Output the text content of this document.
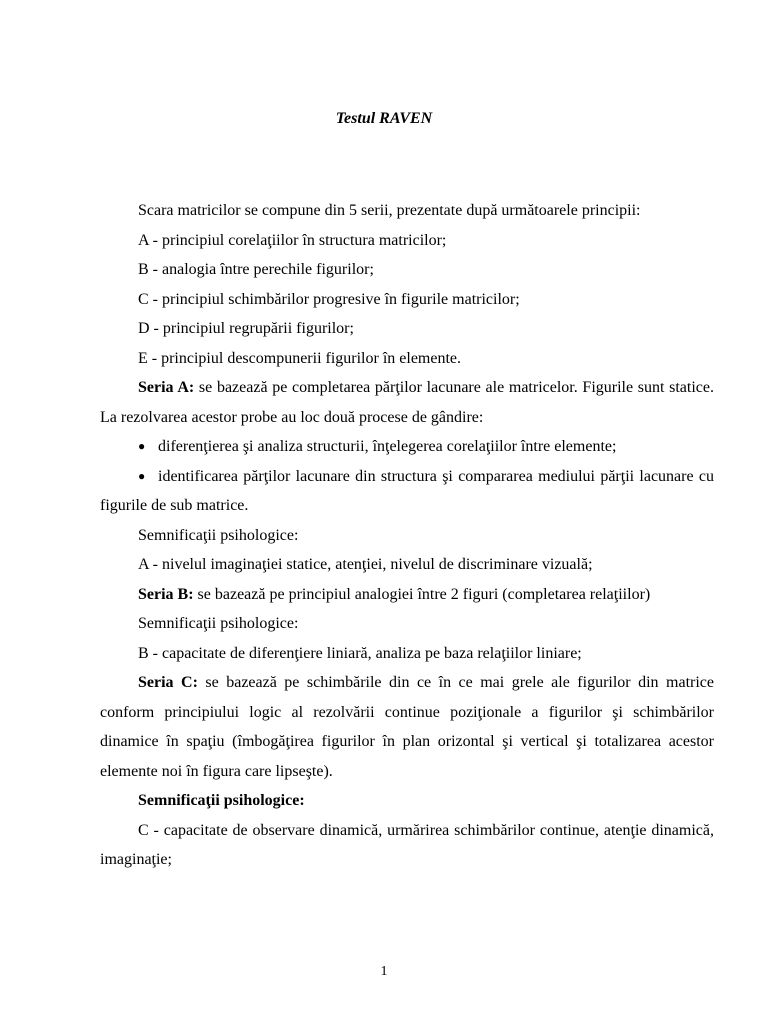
Testul RAVEN

Scara matricilor se compune din 5 serii, prezentate după următoarele principii:

A - principiul corelaţiilor în structura matricilor;

B - analogia între perechile figurilor;

C - principiul schimbărilor progresive în figurile matricilor;

D - principiul regrupării figurilor;

E - principiul descompunerii figurilor în elemente.

Seria A: se bazează pe completarea părţilor lacunare ale matricelor. Figurile sunt statice. La rezolvarea acestor probe au loc două procese de gândire:

● diferenţierea şi analiza structurii, înţelegerea corelaţiilor între elemente;

● identificarea părţilor lacunare din structura şi compararea mediului părţii lacunare cu figurile de sub matrice.

Semnificaţii psihologice:

A - nivelul imaginaţiei statice, atenţiei, nivelul de discriminare vizuală;

Seria B: se bazează pe principiul analogiei între 2 figuri (completarea relaţiilor)

Semnificaţii psihologice:

B - capacitate de diferenţiere liniară, analiza pe baza relaţiilor liniare;

Seria C: se bazează pe schimbările din ce în ce mai grele ale figurilor din matrice conform principiului logic al rezolvării continue poziţionale a figurilor şi schimbărilor dinamice în spaţiu (îmbogăţirea figurilor în plan orizontal şi vertical şi totalizarea acestor elemente noi în figura care lipseşte).

Semnificaţii psihologice:

C - capacitate de observare dinamică, urmărirea schimbărilor continue, atenţie dinamică, imaginaţie;

1
